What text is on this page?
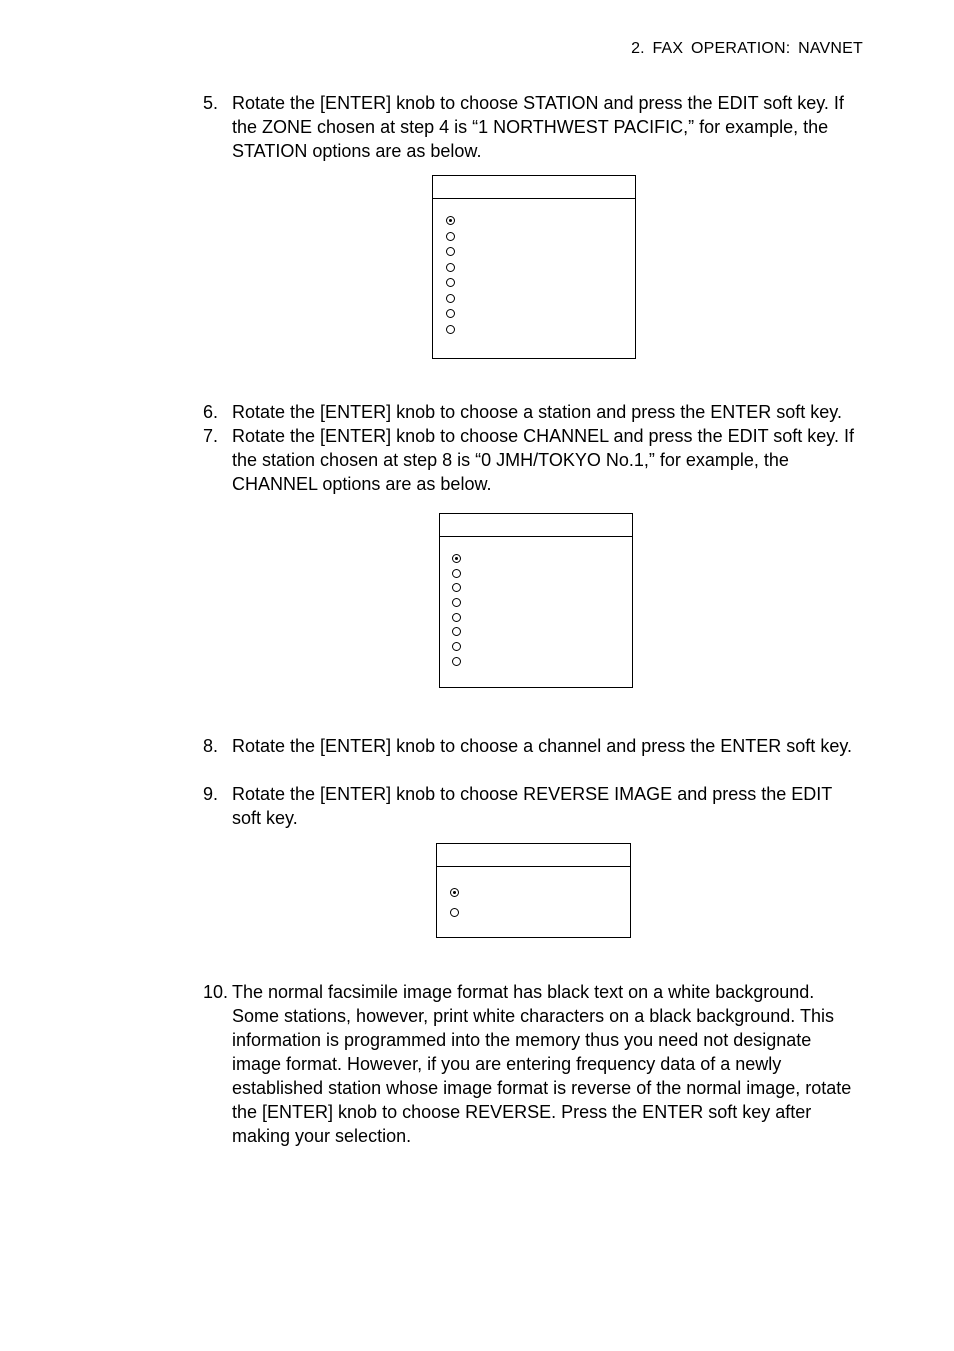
2. FAX OPERATION: NAVNET
5. Rotate the [ENTER] knob to choose STATION and press the EDIT soft key. If the ZONE chosen at step 4 is “1 NORTHWEST PACIFIC,” for example, the STATION options are as below.
6. Rotate the [ENTER] knob to choose a station and press the ENTER soft key.
7. Rotate the [ENTER] knob to choose CHANNEL and press the EDIT soft key. If the station chosen at step 8 is “0 JMH/TOKYO No.1,” for example, the CHANNEL options are as below.
8. Rotate the [ENTER] knob to choose a channel and press the ENTER soft key.
9. Rotate the [ENTER] knob to choose REVERSE IMAGE and press the EDIT soft key.
10. The normal facsimile image format has black text on a white background. Some stations, however, print white characters on a black background. This information is programmed into the memory thus you need not designate image format. However, if you are entering frequency data of a newly established station whose image format is reverse of the normal image, rotate the [ENTER] knob to choose REVERSE. Press the ENTER soft key after making your selection.
